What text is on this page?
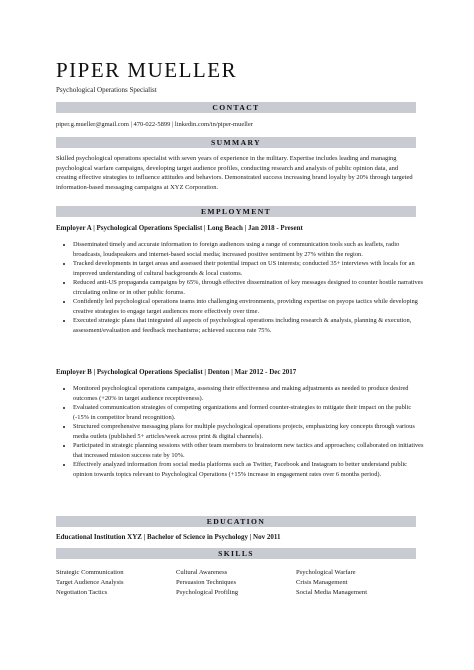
PIPER MUELLER

Psychological Operations Specialist

CONTACT

piper.g.mueller@gmail.com | 470-022-5899 | linkedin.com/in/piper-mueller

SUMMARY

Skilled psychological operations specialist with seven years of experience in the military. Expertise includes leading and managing psychological warfare campaigns, developing target audience profiles, conducting research and analysis of public opinion data, and creating effective strategies to influence attitudes and behaviors. Demonstrated success increasing brand loyalty by 20% through targeted information-based messaging campaigns at XYZ Corporation.

EMPLOYMENT

Employer A | Psychological Operations Specialist | Long Beach | Jan 2018 - Present

• Disseminated timely and accurate information to foreign audiences using a range of communication tools such as leaflets, radio broadcasts, loudspeakers and internet-based social media; increased positive sentiment by 27% within the region.
• Tracked developments in target areas and assessed their potential impact on US interests; conducted 35+ interviews with locals for an improved understanding of cultural backgrounds & local customs.
• Reduced anti-US propaganda campaigns by 65%, through effective dissemination of key messages designed to counter hostile narratives circulating online or in other public forums.
• Confidently led psychological operations teams into challenging environments, providing expertise on psyops tactics while developing creative strategies to engage target audiences more effectively over time.
• Executed strategic plans that integrated all aspects of psychological operations including research & analysis, planning & execution, assessment/evaluation and feedback mechanisms; achieved success rate 75%.

Employer B | Psychological Operations Specialist | Denton | Mar 2012 - Dec 2017

• Monitored psychological operations campaigns, assessing their effectiveness and making adjustments as needed to produce desired outcomes (+20% in target audience receptiveness).
• Evaluated communication strategies of competing organizations and formed counter-strategies to mitigate their impact on the public (-15% in competitor brand recognition).
• Structured comprehensive messaging plans for multiple psychological operations projects, emphasizing key concepts through various media outlets (published 5+ articles/week across print & digital channels).
• Participated in strategic planning sessions with other team members to brainstorm new tactics and approaches; collaborated on initiatives that increased mission success rate by 10%.
• Effectively analyzed information from social media platforms such as Twitter, Facebook and Instagram to better understand public opinion towards topics relevant to Psychological Operations (+15% increase in engagement rates over 6 months period).
EDUCATION

Educational Institution XYZ | Bachelor of Science in Psychology | Nov 2011

SKILLS
Strategic Communication
Target Audience Analysis
Negotiation Tactics
Cultural Awareness
Persuasion Techniques
Psychological Profiling
Psychological Warfare
Crisis Management
Social Media Management
